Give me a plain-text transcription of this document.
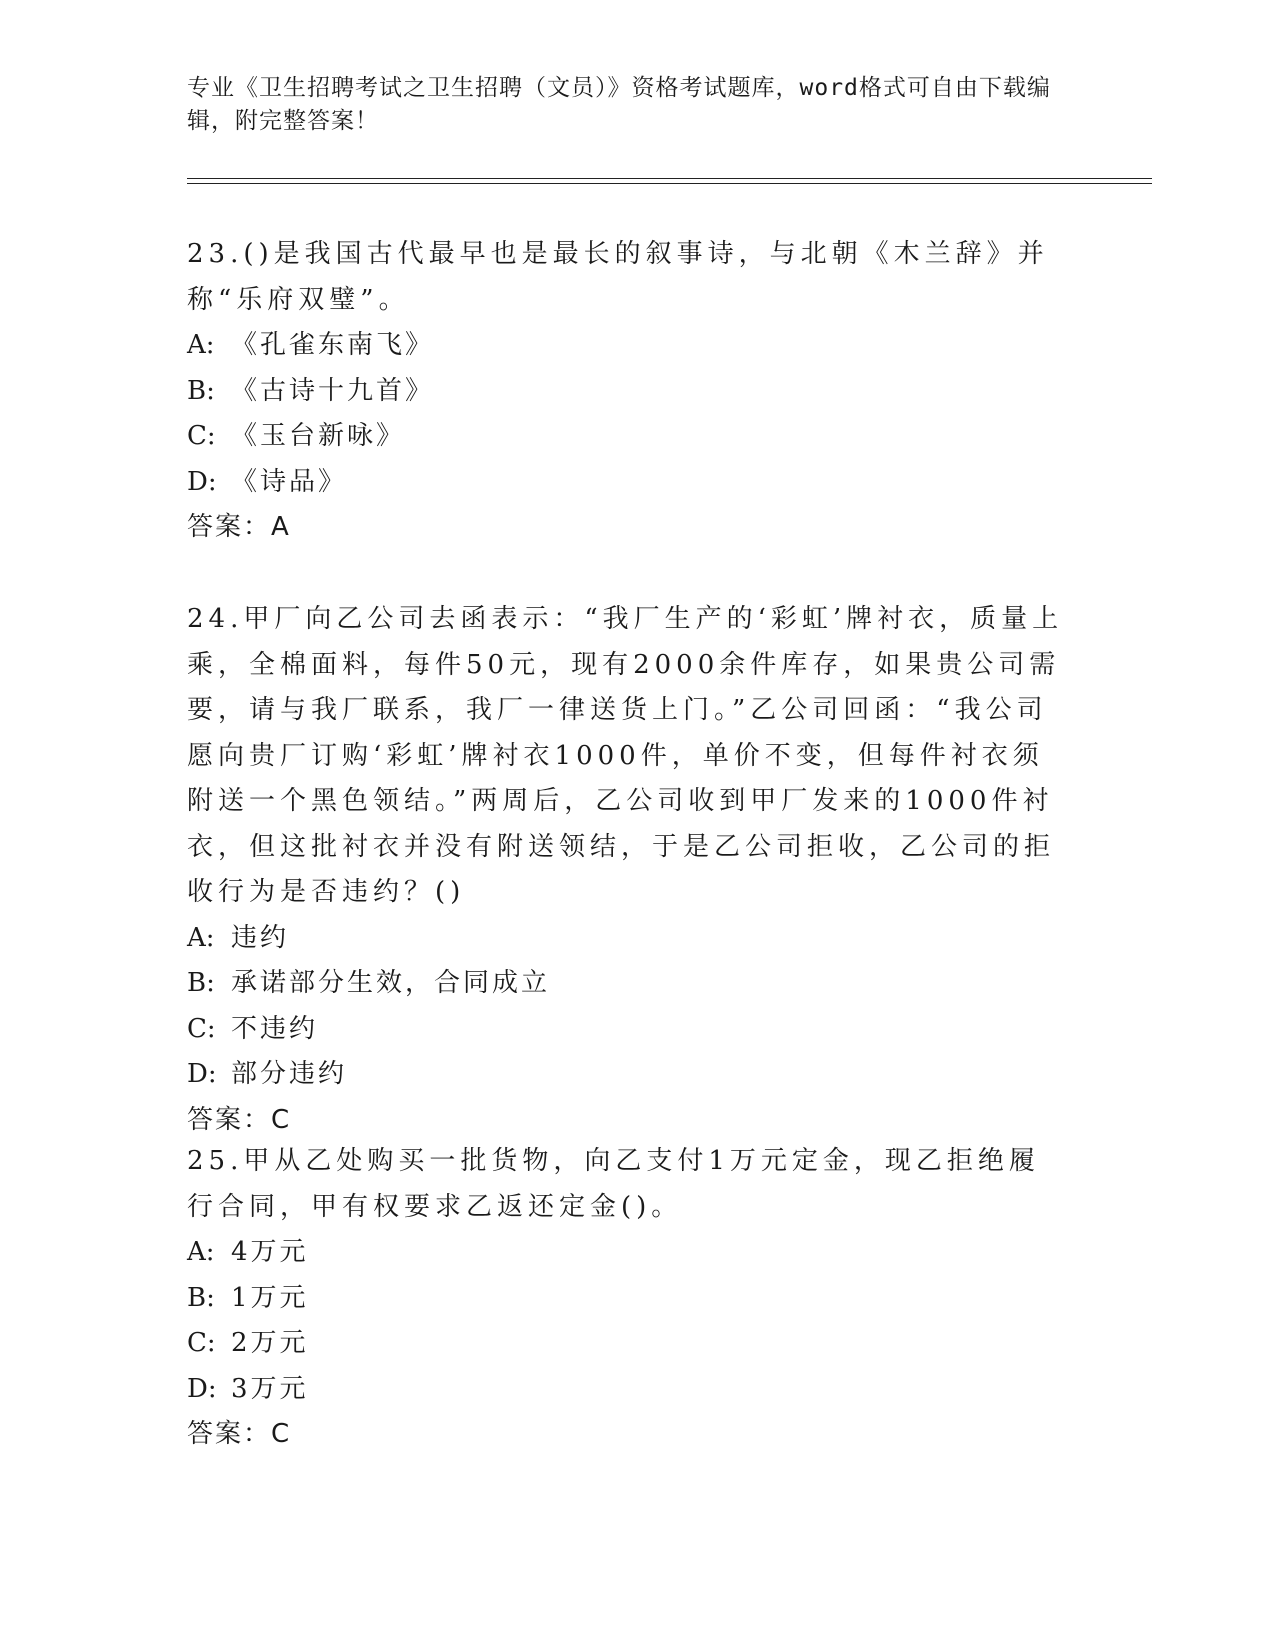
专业《卫生招聘考试之卫生招聘（文员）》资格考试题库，word格式可自由下载编辑，附完整答案！

23.()是我国古代最早也是最长的叙事诗，与北朝《木兰辞》并称“乐府双璧”。

A: 《孔雀东南飞》

B: 《古诗十九首》

C: 《玉台新咏》

D: 《诗品》

答案：A

24.甲厂向乙公司去函表示：“我厂生产的‘彩虹’牌衬衣，质量上乘，全棉面料，每件50元，现有2000余件库存，如果贵公司需要，请与我厂联系，我厂一律送货上门。”乙公司回函：“我公司愿向贵厂订购‘彩虹’牌衬衣1000件，单价不变，但每件衬衣须附送一个黑色领结。”两周后，乙公司收到甲厂发来的1000件衬衣，但这批衬衣并没有附送领结，于是乙公司拒收，乙公司的拒收行为是否违约？()

A: 违约

B: 承诺部分生效，合同成立

C: 不违约

D: 部分违约

答案：C

25.甲从乙处购买一批货物，向乙支付1万元定金，现乙拒绝履行合同，甲有权要求乙返还定金()。

A: 4万元

B: 1万元

C: 2万元

D: 3万元

答案：C
